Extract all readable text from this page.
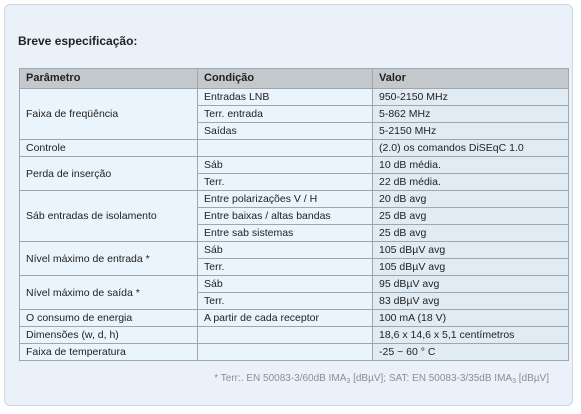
Breve especificação:
Parâmetro	Condição	Valor
Faixa de freqüência	Entradas LNB	950-2150 MHz
	Terr. entrada	5-862 MHz
	Saídas	5-2150 MHz
Controle		(2.0) os comandos DiSEqC 1.0
Perda de inserção	Sáb	10 dB média.
	Terr.	22 dB média.
Sáb entradas de isolamento	Entre polarizações V / H	20 dB avg
	Entre baixas / altas bandas	25 dB avg
	Entre sab sistemas	25 dB avg
Nível máximo de entrada *	Sáb	105 dBµV avg
	Terr.	105 dBµV avg
Nível máximo de saída *	Sáb	95 dBµV avg
	Terr.	83 dBµV avg
O consumo de energia	A partir de cada receptor	100 mA (18 V)
Dimensões (w, d, h)		18,6 x 14,6 x 5,1 centímetros
Faixa de temperatura		-25 ~ 60 ° C
* Terr:. EN 50083-3/60dB $IMA_3$ [dBµV]; SAT: EN 50083-3/35dB $IMA_3$ [dBµV]
